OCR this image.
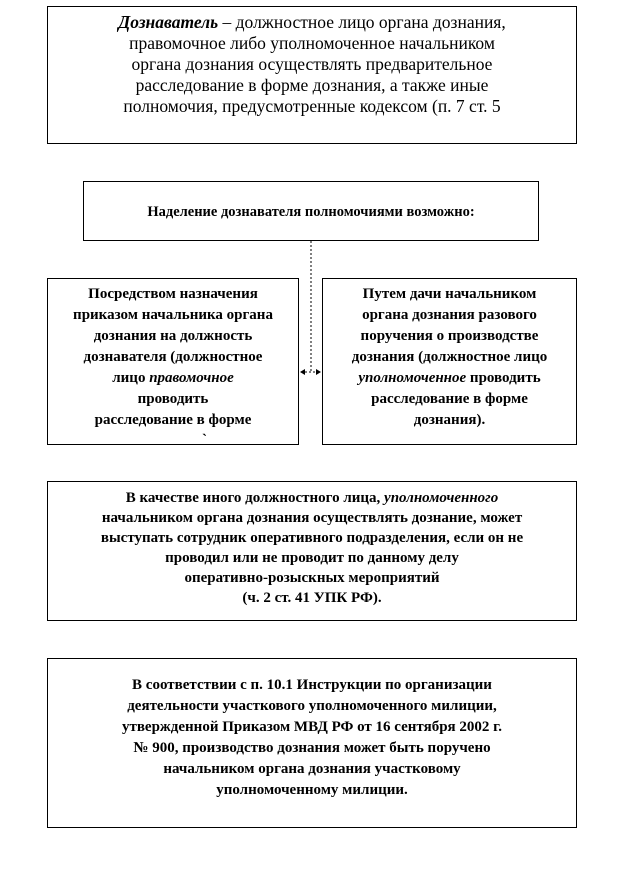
Дознаватель – должностное лицо органа дознания,
правомочное либо уполномоченное начальником
органа дознания осуществлять предварительное
расследование в форме дознания, а также иные
полномочия, предусмотренные кодексом (п. 7 ст. 5
Наделение дознавателя полномочиями возможно:
Посредством назначения
приказом начальника органа
дознания на должность
дознавателя (должностное
лицо правомочное
проводить
расследование в форме
`
Путем дачи начальником
органа дознания разового
поручения о производстве
дознания (должностное лицо
уполномоченное проводить
расследование в форме
дознания).
В качестве иного должностного лица, уполномоченного
начальником органа дознания осуществлять дознание, может
выступать сотрудник оперативного подразделения, если он не
проводил или не проводит по данному делу
оперативно-розыскных мероприятий
(ч. 2 ст. 41 УПК РФ).
В соответствии с п. 10.1 Инструкции по организации
деятельности участкового уполномоченного милиции,
утвержденной Приказом МВД РФ от 16 сентября 2002 г.
№ 900, производство дознания может быть поручено
начальником органа дознания участковому
уполномоченному милиции.
